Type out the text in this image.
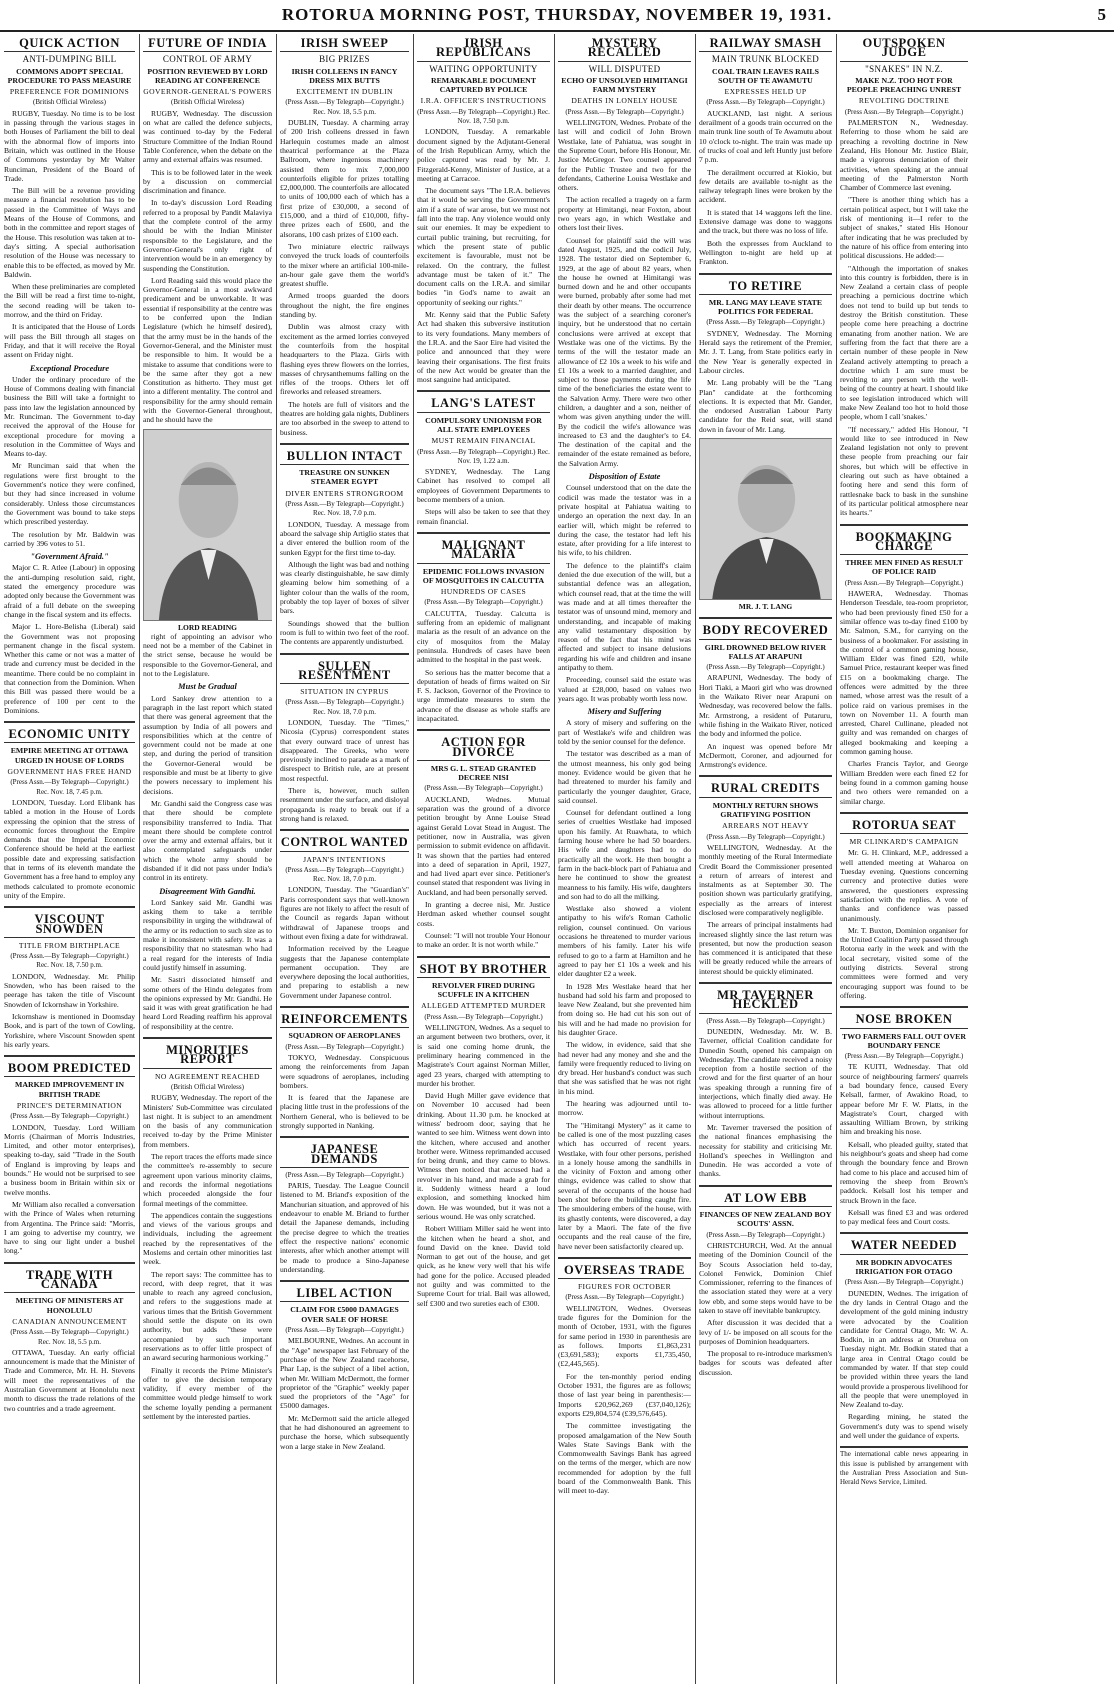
ROTORUA MORNING POST, THURSDAY, NOVEMBER 19, 1931.	5
QUICK ACTION
ANTI-DUMPING BILL
COMMONS ADOPT SPECIAL PROCEDURE TO PASS MEASURE
PREFERENCE FOR DOMINIONS
(British Official Wireless)

RUGBY, Tuesday. No time is to be lost in passing through the various stages in both Houses of Parliament the bill to deal with the abnormal flow of imports into Britain, which was outlined in the House of Commons yesterday by Mr Walter Runciman, President of the Board of Trade.

The Bill will be a revenue providing measure a financial resolution has to be passed in the Committee of Ways and Means of the House of Commons, and both in the committee and report stages of the House. This resolution was taken at to-day's sitting. A special authorisation resolution of the House was necessary to enable this to be effected, as moved by Mr. Baldwin.

When these preliminaries are completed the Bill will be read a first time to-night, the second reading will be taken to-morrow, and the third on Friday.

It is anticipated that the House of Lords will pass the Bill through all stages on Friday, and that it will receive the Royal assent on Friday night.

Exceptional Procedure

Under the ordinary procedure of the House of Commons dealing with financial business the Bill will take a fortnight to pass into law the legislation announced by Mr. Runciman. The Government to-day received the approval of the House for exceptional procedure for moving a resolution in the Committee of Ways and Means to-day.

Mr Runciman said that when the regulations were first brought to the Government's notice they were confined, but they had since increased in volume considerably. Unless those circumstances the Government was bound to take steps which prescribed yesterday.

The resolution by Mr. Baldwin was carried by 396 votes to 51.

"Government Afraid."

Major C. R. Atlee (Labour) in opposing the anti-dumping resolution said, right, stated the emergency procedure was adopted only because the Government was afraid of a full debate on the sweeping change in the fiscal system and its effects.

Major L. Hore-Belisha (Liberal) said the Government was not proposing permanent change in the fiscal system. Whether this came or not was a matter of trade and currency must be decided in the meantime. There could be no complaint in that connection from the Dominion. When this Bill was passed there would be a preference of 100 per cent to the Dominions.

ECONOMIC UNITY
EMPIRE MEETING AT OTTAWA URGED IN HOUSE OF LORDS
GOVERNMENT HAS FREE HAND
(Press Assn.—By Telegraph—Copyright.) Rec. Nov. 18, 7.45 p.m.

LONDON, Tuesday. Lord Elibank has tabled a motion in the House of Lords expressing the opinion that the stress of economic forces throughout the Empire demands that the Imperial Economic Conference should be held at the earliest possible date and expressing satisfaction that in terms of its eleventh mandate the Government has a free hand to employ any methods calculated to promote economic unity of the Empire.

VISCOUNT SNOWDEN
TITLE FROM BIRTHPLACE
(Press Assn.—By Telegraph—Copyright.) Rec. Nov. 18, 7.50 p.m.

LONDON, Wednesday. Mr. Philip Snowden, who has been raised to the peerage has taken the title of Viscount Snowden of Ickornshaw in Yorkshire.

Ickornshaw is mentioned in Doomsday Book, and is part of the town of Cowling, Yorkshire, where Viscount Snowden spent his early years.

BOOM PREDICTED
MARKED IMPROVEMENT IN BRITISH TRADE
PRINCE'S DETERMINATION
(Press Assn.—By Telegraph—Copyright.)

LONDON, Tuesday. Lord William Morris (Chairman of Morris Industries, Limited, and other motor enterprises), speaking to-day, said "Trade in the South of England is improving by leaps and bounds." He would not be surprised to see a business boom in Britain within six or twelve months.

Mr William also recalled a conversation with the Prince of Wales when returning from Argentina. The Prince said: "Morris, I am going to advertise my country, we have to sing our light under a bushel long."

TRADE WITH CANADA
MEETING OF MINISTERS AT HONOLULU
CANADIAN ANNOUNCEMENT
(Press Assn.—By Telegraph—Copyright.) Rec. Nov. 18, 5.5 p.m.

OTTAWA, Tuesday. An early official announcement is made that the Minister of Trade and Commerce, Mr. H. H. Stevens will meet the representatives of the Australian Government at Honolulu next month to discuss the trade relations of the two countries and a trade agreement.

FUTURE OF INDIA
CONTROL OF ARMY
POSITION REVIEWED BY LORD READING AT CONFERENCE
GOVERNOR-GENERAL'S POWERS
(British Official Wireless)

RUGBY, Wednesday. The discussion on what are called the defence subjects, was continued to-day by the Federal Structure Committee of the Indian Round Table Conference, when the debate on the army and external affairs was resumed.

This is to be followed later in the week by a discussion on commercial discrimination and finance.

In to-day's discussion Lord Reading referred to a proposal by Pandit Malaviya that the complete control of the army should be with the Indian Minister responsible to the Legislature, and the Governor-General's only right of intervention would be in an emergency by suspending the Constitution.

Lord Reading said this would place the Governor-General in a most awkward predicament and be unworkable. It was essential if responsibility at the centre was to be conferred upon the Indian Legislature (which he himself desired), that the army must be in the hands of the Governor-General, and the Minister must be responsible to him. It would be a mistake to assume that conditions were to be the same after they got a new Constitution as hitherto. They must get into a different mentality. The control and responsibility for the army should remain with the Governor-General throughout, and he should have the

LORD READING

right of appointing an advisor who need not be a member of the Cabinet in the strict sense, because he would be responsible to the Governor-General, and not to the Legislature.

Must be Gradual

Lord Sankey drew attention to a paragraph in the last report which stated that there was general agreement that the assumption by India of all powers and responsibilities which at the centre of government could not be made at one step, and during the period of transition the Governor-General would be responsible and must be at liberty to give the powers necessary to implement his decisions.

Mr. Gandhi said the Congress case was that there should be complete responsibility transferred to India. That meant there should be complete control over the army and external affairs, but it also contemplated safeguards under which the whole army should be disbanded if it did not pass under India's control in its entirety.

Disagreement With Gandhi.

Lord Sankey said Mr. Gandhi was asking them to take a terrible responsibility in urging the withdrawal of the army or its reduction to such size as to make it inconsistent with safety. It was a responsibility that no statesman who had a real regard for the interests of India could justify himself in assuming.

Mr. Sastri dissociated himself and some others of the Hindu delegates from the opinions expressed by Mr. Gandhi. He said it was with great gratification he had heard Lord Reading reaffirm his approval of responsibility at the centre.

MINORITIES REPORT
NO AGREEMENT REACHED
(British Official Wireless)

RUGBY, Wednesday. The report of the Ministers' Sub-Committee was circulated last night. It is subject to an amendment on the basis of any communication received to-day by the Prime Minister from members.

The report traces the efforts made since the committee's re-assembly to secure agreement upon various minority claims, and records the informal negotiations which proceeded alongside the four formal meetings of the committee.

The appendices contain the suggestions and views of the various groups and individuals, including the agreement reached by the representatives of the Moslems and certain other minorities last week.

The report says: The committee has to record, with deep regret, that it was unable to reach any agreed conclusion, and refers to the suggestions made at various times that the British Government should settle the dispute on its own authority, but adds "these were accompanied by such important reservations as to offer little prospect of an award securing harmonious working."

Finally it records the Prime Minister's offer to give the decision temporary validity, if every member of the committee would pledge himself to work the scheme loyally pending a permanent settlement by the interested parties.

IRISH SWEEP
BIG PRIZES
IRISH COLLEENS IN FANCY DRESS MIX BUTTS
EXCITEMENT IN DUBLIN
(Press Assn.—By Telegraph—Copyright.) Rec. Nov. 18, 5.5 p.m.

DUBLIN, Tuesday. A charming array of 200 Irish colleens dressed in fawn Harlequin costumes made an almost theatrical performance at the Plaza Ballroom, where ingenious machinery assisted them to mix 7,000,000 counterfoils eligible for prizes totalling £2,000,000. The counterfoils are allocated to units of 100,000 each of which has a first prize of £30,000, a second of £15,000, and a third of £10,000, fifty-three prizes each of £600, and the alsorans, 100 cash prizes of £100 each.

Two miniature electric railways conveyed the truck loads of counterfoils to the mixer where an artificial 100-mile-an-hour gale gave them the world's greatest shuffle.

Armed troops guarded the doors throughout the night, the fire engines standing by.

Dublin was almost crazy with excitement as the armed lorries conveyed the counterfoils from the hospital headquarters to the Plaza. Girls with flashing eyes threw flowers on the lorries, masses of chrysanthemums falling on the rifles of the troops. Others let off fireworks and released streamers.

The hotels are full of visitors and the theatres are holding gala nights, Dubliners are too absorbed in the sweep to attend to business.

BULLION INTACT
TREASURE ON SUNKEN STEAMER EGYPT
DIVER ENTERS STRONGROOM
(Press Assn.—By Telegraph—Copyright.) Rec. Nov. 18, 7.0 p.m.

LONDON, Tuesday. A message from aboard the salvage ship Artiglio states that a diver entered the bullion room of the sunken Egypt for the first time to-day.

Although the light was bad and nothing was clearly distinguishable, he saw dimly gleaming below him something of a lighter colour than the walls of the room, probably the top layer of boxes of silver bars.

Soundings showed that the bullion room is full to within two feet of the roof. The contents are apparently undisturbed.

SULLEN RESENTMENT
SITUATION IN CYPRUS
(Press Assn.—By Telegraph—Copyright.) Rec. Nov. 18, 7.0 p.m.

LONDON, Tuesday. The "Times," Nicosia (Cyprus) correspondent states that every outward trace of unrest has disappeared. The Greeks, who were previously inclined to parade as a mark of disrespect to British rule, are at present most respectful.

There is, however, much sullen resentment under the surface, and disloyal propaganda is ready to break out if a strong hand is relaxed.

CONTROL WANTED
JAPAN'S INTENTIONS
(Press Assn.—By Telegraph—Copyright.) Rec. Nov. 18, 7.0 p.m.

LONDON, Tuesday. The "Guardian's" Paris correspondent says that well-known figures are not likely to affect the result of the Council as regards Japan without withdrawal of Japanese troops and without even fixing a date for withdrawal.

Information received by the League suggests that the Japanese contemplate permanent occupation. They are everywhere deposing the local authorities, and preparing to establish a new Government under Japanese control.

REINFORCEMENTS
SQUADRON OF AEROPLANES
(Press Assn.—By Telegraph—Copyright.)

TOKYO, Wednesday. Conspicuous among the reinforcements from Japan were squadrons of aeroplanes, including bombers.

It is feared that the Japanese are placing little trust in the professions of the Northern General, who is believed to be strongly supported in Nanking.

JAPANESE DEMANDS
(Press Assn.—By Telegraph—Copyright.)

PARIS, Tuesday. The League Council listened to M. Briand's exposition of the Manchurian situation, and approved of his endeavour to enable M. Briand to further detail the Japanese demands, including the precise degree to which the treaties effect the respective nations' economic interests, after which another attempt will be made to produce a Sino-Japanese understanding.

LIBEL ACTION
CLAIM FOR £5000 DAMAGES OVER SALE OF HORSE
(Press Assn.—By Telegraph—Copyright.)

MELBOURNE, Wednes. An account in the "Age" newspaper last February of the purchase of the New Zealand racehorse, Phar Lap, is the subject of a libel action, when Mr. William McDermott, the former proprietor of the "Graphic" weekly paper sued the proprietors of the "Age" for £5000 damages.

Mr. McDermott said the article alleged that he had dishonoured an agreement to purchase the horse, which subsequently won a large stake in New Zealand.

IRISH REPUBLICANS
WAITING OPPORTUNITY
REMARKABLE DOCUMENT CAPTURED BY POLICE
I.R.A. OFFICER'S INSTRUCTIONS
(Press Assn.—By Telegraph—Copyright.) Rec. Nov. 18, 7.50 p.m.

LONDON, Tuesday. A remarkable document signed by the Adjutant-General of the Irish Republican Army, which the police captured was read by Mr. J. Fitzgerald-Kenny, Minister of Justice, at a meeting at Carracoe.

The document says "The I.R.A. believes that it would be serving the Government's aim if a state of war arose, but we must not fall into the trap. Any violence would only suit our enemies. It may be expedient to curtail public training, but recruiting, for which the present state of public excitement is favourable, must not be relaxed. On the contrary, the fullest advantage must be taken of it." The document calls on the I.R.A. and similar bodies "in God's name to await an opportunity of seeking our rights."

Mr. Kenny said that the Public Safety Act had shaken this subversive institution to its very foundations. Many members of the I.R.A. and the Saor Eire had visited the police and announced that they were leaving their organisations. The first fruits of the new Act would be greater than the most sanguine had anticipated.

LANG'S LATEST
COMPULSORY UNIONISM FOR ALL STATE EMPLOYEES
MUST REMAIN FINANCIAL
(Press Assn.—By Telegraph—Copyright.) Rec. Nov. 19, 1.22 a.m.

SYDNEY, Wednesday. The Lang Cabinet has resolved to compel all employees of Government Departments to become members of a union.

Steps will also be taken to see that they remain financial.

MALIGNANT MALARIA
EPIDEMIC FOLLOWS INVASION OF MOSQUITOES IN CALCUTTA
HUNDREDS OF CASES
(Press Assn.—By Telegraph—Copyright.)

CALCUTTA, Tuesday. Calcutta is suffering from an epidemic of malignant malaria as the result of an advance on the city of mosquitos from the Malay peninsula. Hundreds of cases have been admitted to the hospital in the past week.

So serious has the matter become that a deputation of heads of firms waited on Sir F. S. Jackson, Governor of the Province to urge immediate measures to stem the advance of the disease as whole staffs are incapacitated.

ACTION FOR DIVORCE
MRS G. L. STEAD GRANTED DECREE NISI
(Press Assn.—By Telegraph—Copyright.)

AUCKLAND, Wednes. Mutual separation was the ground of a divorce petition brought by Anne Louise Stead against Gerald Lovat Stead in August. The petitioner, now in Australia, was given permission to submit evidence on affidavit. It was shown that the parties had entered into a deed of separation in April, 1927, and had lived apart ever since. Petitioner's counsel stated that respondent was living in Auckland, and had been personally served.

In granting a decree nisi, Mr. Justice Herdman asked whether counsel sought costs.

Counsel: "I will not trouble Your Honour to make an order. It is not worth while."

SHOT BY BROTHER
REVOLVER FIRED DURING SCUFFLE IN A KITCHEN
ALLEGED ATTEMPTED MURDER
(Press Assn.—By Telegraph—Copyright.)

WELLINGTON, Wednes. As a sequel to an argument between two brothers, over, it is said one coming home drunk, the preliminary hearing commenced in the Magistrate's Court against Norman Miller, aged 23 years, charged with attempting to murder his brother.

David Hugh Miller gave evidence that on November 10 accused had been drinking. About 11.30 p.m. he knocked at witness' bedroom door, saying that he wanted to see him. Witness went down into the kitchen, where accused and another brother were. Witness reprimanded accused for being drunk, and they came to blows. Witness then noticed that accused had a revolver in his hand, and made a grab for it. Suddenly witness heard a loud explosion, and something knocked him down. He was wounded, but it was not a serious wound. He was only scratched.

Robert William Miller said he went into the kitchen when he heard a shot, and found David on the knee. David told Norman to get out of the house, and get quick, as he knew very well that his wife had gone for the police. Accused pleaded not guilty and was committed to the Supreme Court for trial. Bail was allowed, self £300 and two sureties each of £300.

MYSTERY RECALLED
WILL DISPUTED
ECHO OF UNSOLVED HIMITANGI FARM MYSTERY
DEATHS IN LONELY HOUSE
(Press Assn.—By Telegraph—Copyright.)

WELLINGTON, Wednes. Probate of the last will and codicil of John Brown Westlake, late of Pahiatua, was sought in the Supreme Court, before His Honour, Mr. Justice McGregor. Two counsel appeared for the Public Trustee and two for the defendants, Catherine Louisa Westlake and others.

The action recalled a tragedy on a farm property at Himitangi, near Foxton, about two years ago, in which Westlake and others lost their lives.

Counsel for plaintiff said the will was dated August, 1925, and the codicil July, 1928. The testator died on September 6, 1929, at the age of about 82 years, when the house he owned at Himitangi was burned down and he and other occupants were burned, probably after some had met their death by other means. The occurrence was the subject of a searching coroner's inquiry, but he understood that no certain conclusions were arrived at except that Westlake was one of the victims. By the terms of the will the testator made an allowance of £2 10s a week to his wife and £1 10s a week to a married daughter, and subject to those payments during the life time of the beneficiaries the estate went to the Salvation Army. There were two other children, a daughter and a son, neither of whom was given anything under the will. By the codicil the wife's allowance was increased to £3 and the daughter's to £4. The destination of the capital and the remainder of the estate remained as before, the Salvation Army.

Disposition of Estate

Counsel understood that on the date the codicil was made the testator was in a private hospital at Pahiatua waiting to undergo an operation the next day. In an earlier will, which might be referred to during the case, the testator had left his estate, after providing for a life interest to his wife, to his children.

The defence to the plaintiff's claim denied the due execution of the will, but a substantial defence was an allegation, which counsel read, that at the time the will was made and at all times thereafter the testator was of unsound mind, memory and understanding, and incapable of making any valid testamentary disposition by reason of the fact that his mind was affected and subject to insane delusions regarding his wife and children and insane antipathy to them.

Proceeding, counsel said the estate was valued at £28,000, based on values two years ago. It was probably worth less now.

Misery and Suffering

A story of misery and suffering on the part of Westlake's wife and children was told by the senior counsel for the defence.

The testator was described as a man of the utmost meanness, his only god being money. Evidence would be given that he had threatened to murder his family and particularly the younger daughter, Grace, said counsel.

Counsel for defendant outlined a long series of cruelties Westlake had imposed upon his family. At Ruawhata, to which farming house where he had 50 boarders. His wife and daughters had to do practically all the work. He then bought a farm in the back-block part of Pahiatua and here he continued to show the greatest meanness to his family. His wife, daughters and son had to do all the milking.

Westlake also showed a violent antipathy to his wife's Roman Catholic religion, counsel continued. On various occasions he threatened to murder various members of his family. Later his wife refused to go to a farm at Hamilton and he agreed to pay her £1 10s a week and his elder daughter £2 a week.

In 1928 Mrs Westlake heard that her husband had sold his farm and proposed to leave New Zealand, but she prevented him from doing so. He had cut his son out of his will and he had made no provision for his daughter Grace.

The widow, in evidence, said that she had never had any money and she and the family were frequently reduced to living on dry bread. Her husband's conduct was such that she was satisfied that he was not right in his mind.

The hearing was adjourned until to-morrow.

The "Himitangi Mystery" as it came to be called is one of the most puzzling cases which has occurred of recent years. Westlake, with four other persons, perished in a lonely house among the sandhills in the vicinity of Foxton and among other things, evidence was called to show that several of the occupants of the house had been shot before the building caught fire. The smouldering embers of the house, with its ghastly contents, were discovered, a day later by a Maori. The fate of the five occupants and the real cause of the fire, have never been satisfactorily cleared up.

OVERSEAS TRADE
FIGURES FOR OCTOBER
(Press Assn.—By Telegraph—Copyright.)

WELLINGTON, Wednes. Overseas trade figures for the Dominion for the month of October, 1931, with the figures for same period in 1930 in parenthesis are as follows. Imports £1,863,231 (£3,691,583); exports £1,735,450, (£2,445,565).

For the ten-monthly period ending October 1931, the figures are as follows; those of last year being in parenthesis:—Imports £20,962,269 (£37,040,126); exports £29,804,574 (£39,576,645).

The committee investigating the proposed amalgamation of the New South Wales State Savings Bank with the Commonwealth Savings Bank has agreed on the terms of the merger, which are now recommended for adoption by the full board of the Commonwealth Bank. This will meet to-day.

RAILWAY SMASH
MAIN TRUNK BLOCKED
COAL TRAIN LEAVES RAILS SOUTH OF TE AWAMUTU
EXPRESSES HELD UP
(Press Assn.—By Telegraph—Copyright.)

AUCKLAND, last night. A serious derailment of a goods train occurred on the main trunk line south of Te Awamutu about 10 o'clock to-night. The train was made up of trucks of coal and left Huntly just before 7 p.m.

The derailment occurred at Kiokio, but few details are available to-night as the railway telegraph lines were broken by the accident.

It is stated that 14 waggons left the line. Extensive damage was done to waggons and the track, but there was no loss of life.

Both the expresses from Auckland to Wellington to-night are held up at Frankton.

TO RETIRE
MR. LANG MAY LEAVE STATE POLITICS FOR FEDERAL
(Press Assn.—By Telegraph—Copyright.)

SYDNEY, Wednesday. The Morning Herald says the retirement of the Premier, Mr. J. T. Lang, from State politics early in the New Year is generally expected in Labour circles.

Mr. Lang probably will be the "Lang Plan" candidate at the forthcoming elections. It is expected that Mr. Gander, the endorsed Australian Labour Party candidate for the Reid seat, will stand down in favour of Mr. Lang.

MR. J. T. LANG
BODY RECOVERED
GIRL DROWNED BELOW RIVER FALLS AT ARAPUNI
(Press Assn.—By Telegraph—Copyright.)

ARAPUNI, Wednesday. The body of Hori Tiaki, a Maori girl who was drowned in the Waikato River near Arapuni on Wednesday, was recovered below the falls. Mr. Armstrong, a resident of Putaruru, while fishing in the Waikato River, noticed the body and informed the police.

An inquest was opened before Mr McDermott, Coroner, and adjourned for Armstrong's evidence.

RURAL CREDITS
MONTHLY RETURN SHOWS GRATIFYING POSITION
ARREARS NOT HEAVY
(Press Assn.—By Telegraph—Copyright.)

WELLINGTON, Wednesday. At the monthly meeting of the Rural Intermediate Credit Board the Commissioner presented a return of arrears of interest and instalments as at September 30. The position shown was particularly gratifying, especially as the arrears of interest disclosed were comparatively negligible.

The arrears of principal instalments had increased slightly since the last return was presented, but now the production season has commenced it is anticipated that these will be greatly reduced while the arrears of interest should be quickly eliminated.

MR TAVERNER HECKLED
(Press Assn.—By Telegraph—Copyright.)

DUNEDIN, Wednesday. Mr. W. B. Taverner, official Coalition candidate for Dunedin South, opened his campaign on Wednesday. The candidate received a noisy reception from a hostile section of the crowd and for the first quarter of an hour was speaking through a running fire of interjections, which finally died away. He was allowed to proceed for a little further without interruptions.

Mr. Taverner traversed the position of the national finances emphasising the necessity for stability and criticising Mr. Holland's speeches in Wellington and Dunedin. He was accorded a vote of thanks.

AT LOW EBB
FINANCES OF NEW ZEALAND BOY SCOUTS' ASSN.
(Press Assn.—By Telegraph—Copyright.)

CHRISTCHURCH, Wed. At the annual meeting of the Dominion Council of the Boy Scouts Association held to-day, Colonel Fenwick, Dominion Chief Commissioner, referring to the finances of the association stated they were at a very low ebb, and some steps would have to be taken to stave off inevitable bankruptcy.

After discussion it was decided that a levy of 1/- be imposed on all scouts for the purposes of Dominion headquarters.

The proposal to re-introduce marksmen's badges for scouts was defeated after discussion.

OUTSPOKEN JUDGE
"SNAKES" IN N.Z.
MAKE N.Z. TOO HOT FOR PEOPLE PREACHING UNREST
REVOLTING DOCTRINE
(Press Assn.—By Telegraph—Copyright.)

PALMERSTON N., Wednesday. Referring to those whom he said are preaching a revolting doctrine in New Zealand, His Honour Mr. Justice Blair, made a vigorous denunciation of their activities, when speaking at the annual meeting of the Palmerston North Chamber of Commerce last evening.

"There is another thing which has a certain political aspect, but I will take the risk of mentioning it—I refer to the subject of snakes," stated His Honour after indicating that he was precluded by the nature of his office from entering into political discussions. He added:—

"Although the importation of snakes into this country is forbidden, there is in New Zealand a certain class of people preaching a pernicious doctrine which does not tend to build up but tends to destroy the British constitution. These people come here preaching a doctrine emanating from another nation. We are suffering from the fact that there are a certain number of these people in New Zealand actively attempting to preach a doctrine which I am sure must be revolting to any person with the well-being of the country at heart. I should like to see legislation introduced which will make New Zealand too hot to hold those people, whom I call 'snakes.'

"If necessary," added His Honour, "I would like to see introduced in New Zealand legislation not only to prevent these people from preaching our fair shores, but which will be effective in clearing out such as have obtained a footing here and send this form of rattlesnake back to bask in the sunshine of its particular political atmosphere near its hearts."

BOOKMAKING CHARGE
THREE MEN FINED AS RESULT OF POLICE RAID
(Press Assn.—By Telegraph—Copyright.)

HAWERA, Wednesday. Thomas Henderson Teesdale, tea-room proprietor, who had been previously fined £50 for a similar offence was to-day fined £100 by Mr. Salmon, S.M., for carrying on the business of a bookmaker. For assisting in the control of a common gaming house, William Elder was fined £20, while Samuel Price, restaurant keeper was fined £15 on a bookmaking charge. The offences were admitted by the three named, whose arrest was the result of a police raid on various premises in the town on November 11. A fourth man arrested, Charel Cullinane, pleaded not guilty and was remanded on charges of alleged bookmaking and keeping a common gaming house.

Charles Francis Taylor, and George William Bredden were each fined £2 for being found in a common gaming house and two others were remanded on a similar charge.

ROTORUA SEAT
MR CLINKARD'S CAMPAIGN

Mr. G. H. Clinkard, M.P., addressed a well attended meeting at Waharoa on Tuesday evening. Questions concerning currency and protective duties were answered, the questioners expressing satisfaction with the replies. A vote of thanks and confidence was passed unanimously.

Mr. T. Buxton, Dominion organiser for the United Coalition Party passed through Rotorua early in the week and with the local secretary, visited some of the outlying districts. Several strong committees were formed and very encouraging support was found to be offering.

NOSE BROKEN
TWO FARMERS FALL OUT OVER BOUNDARY FENCE
(Press Assn.—By Telegraph—Copyright.)

TE KUITI, Wednesday. That old source of neighbouring farmers' quarrels a bad boundary fence, caused Every Kelsall, farmer, of Awakino Road, to appear before Mr F. W. Platts, in the Magistrate's Court, charged with assaulting William Brown, by striking him and breaking his nose.

Kelsall, who pleaded guilty, stated that his neighbour's goats and sheep had come through the boundary fence and Brown had come to his place and accused him of removing the sheep from Brown's paddock. Kelsall lost his temper and struck Brown in the face.

Kelsall was fined £3 and was ordered to pay medical fees and Court costs.

WATER NEEDED
MR BODKIN ADVOCATES IRRIGATION FOR OTAGO
(Press Assn.—By Telegraph—Copyright.)

DUNEDIN, Wednes. The irrigation of the dry lands in Central Otago and the development of the gold mining industry were advocated by the Coalition candidate for Central Otago, Mr. W. A. Bodkin, in an address at Oturehua on Tuesday night. Mr. Bodkin stated that a large area in Central Otago could be commanded by water. If that step could be provided within three years the land would provide a prosperous livelihood for all the people that were unemployed in New Zealand to-day.

Regarding mining, he stated the Government's duty was to spend wisely and well under the guidance of experts.

The international cable news appearing in this issue is published by arrangement with the Australian Press Association and Sun-Herald News Service, Limited.
